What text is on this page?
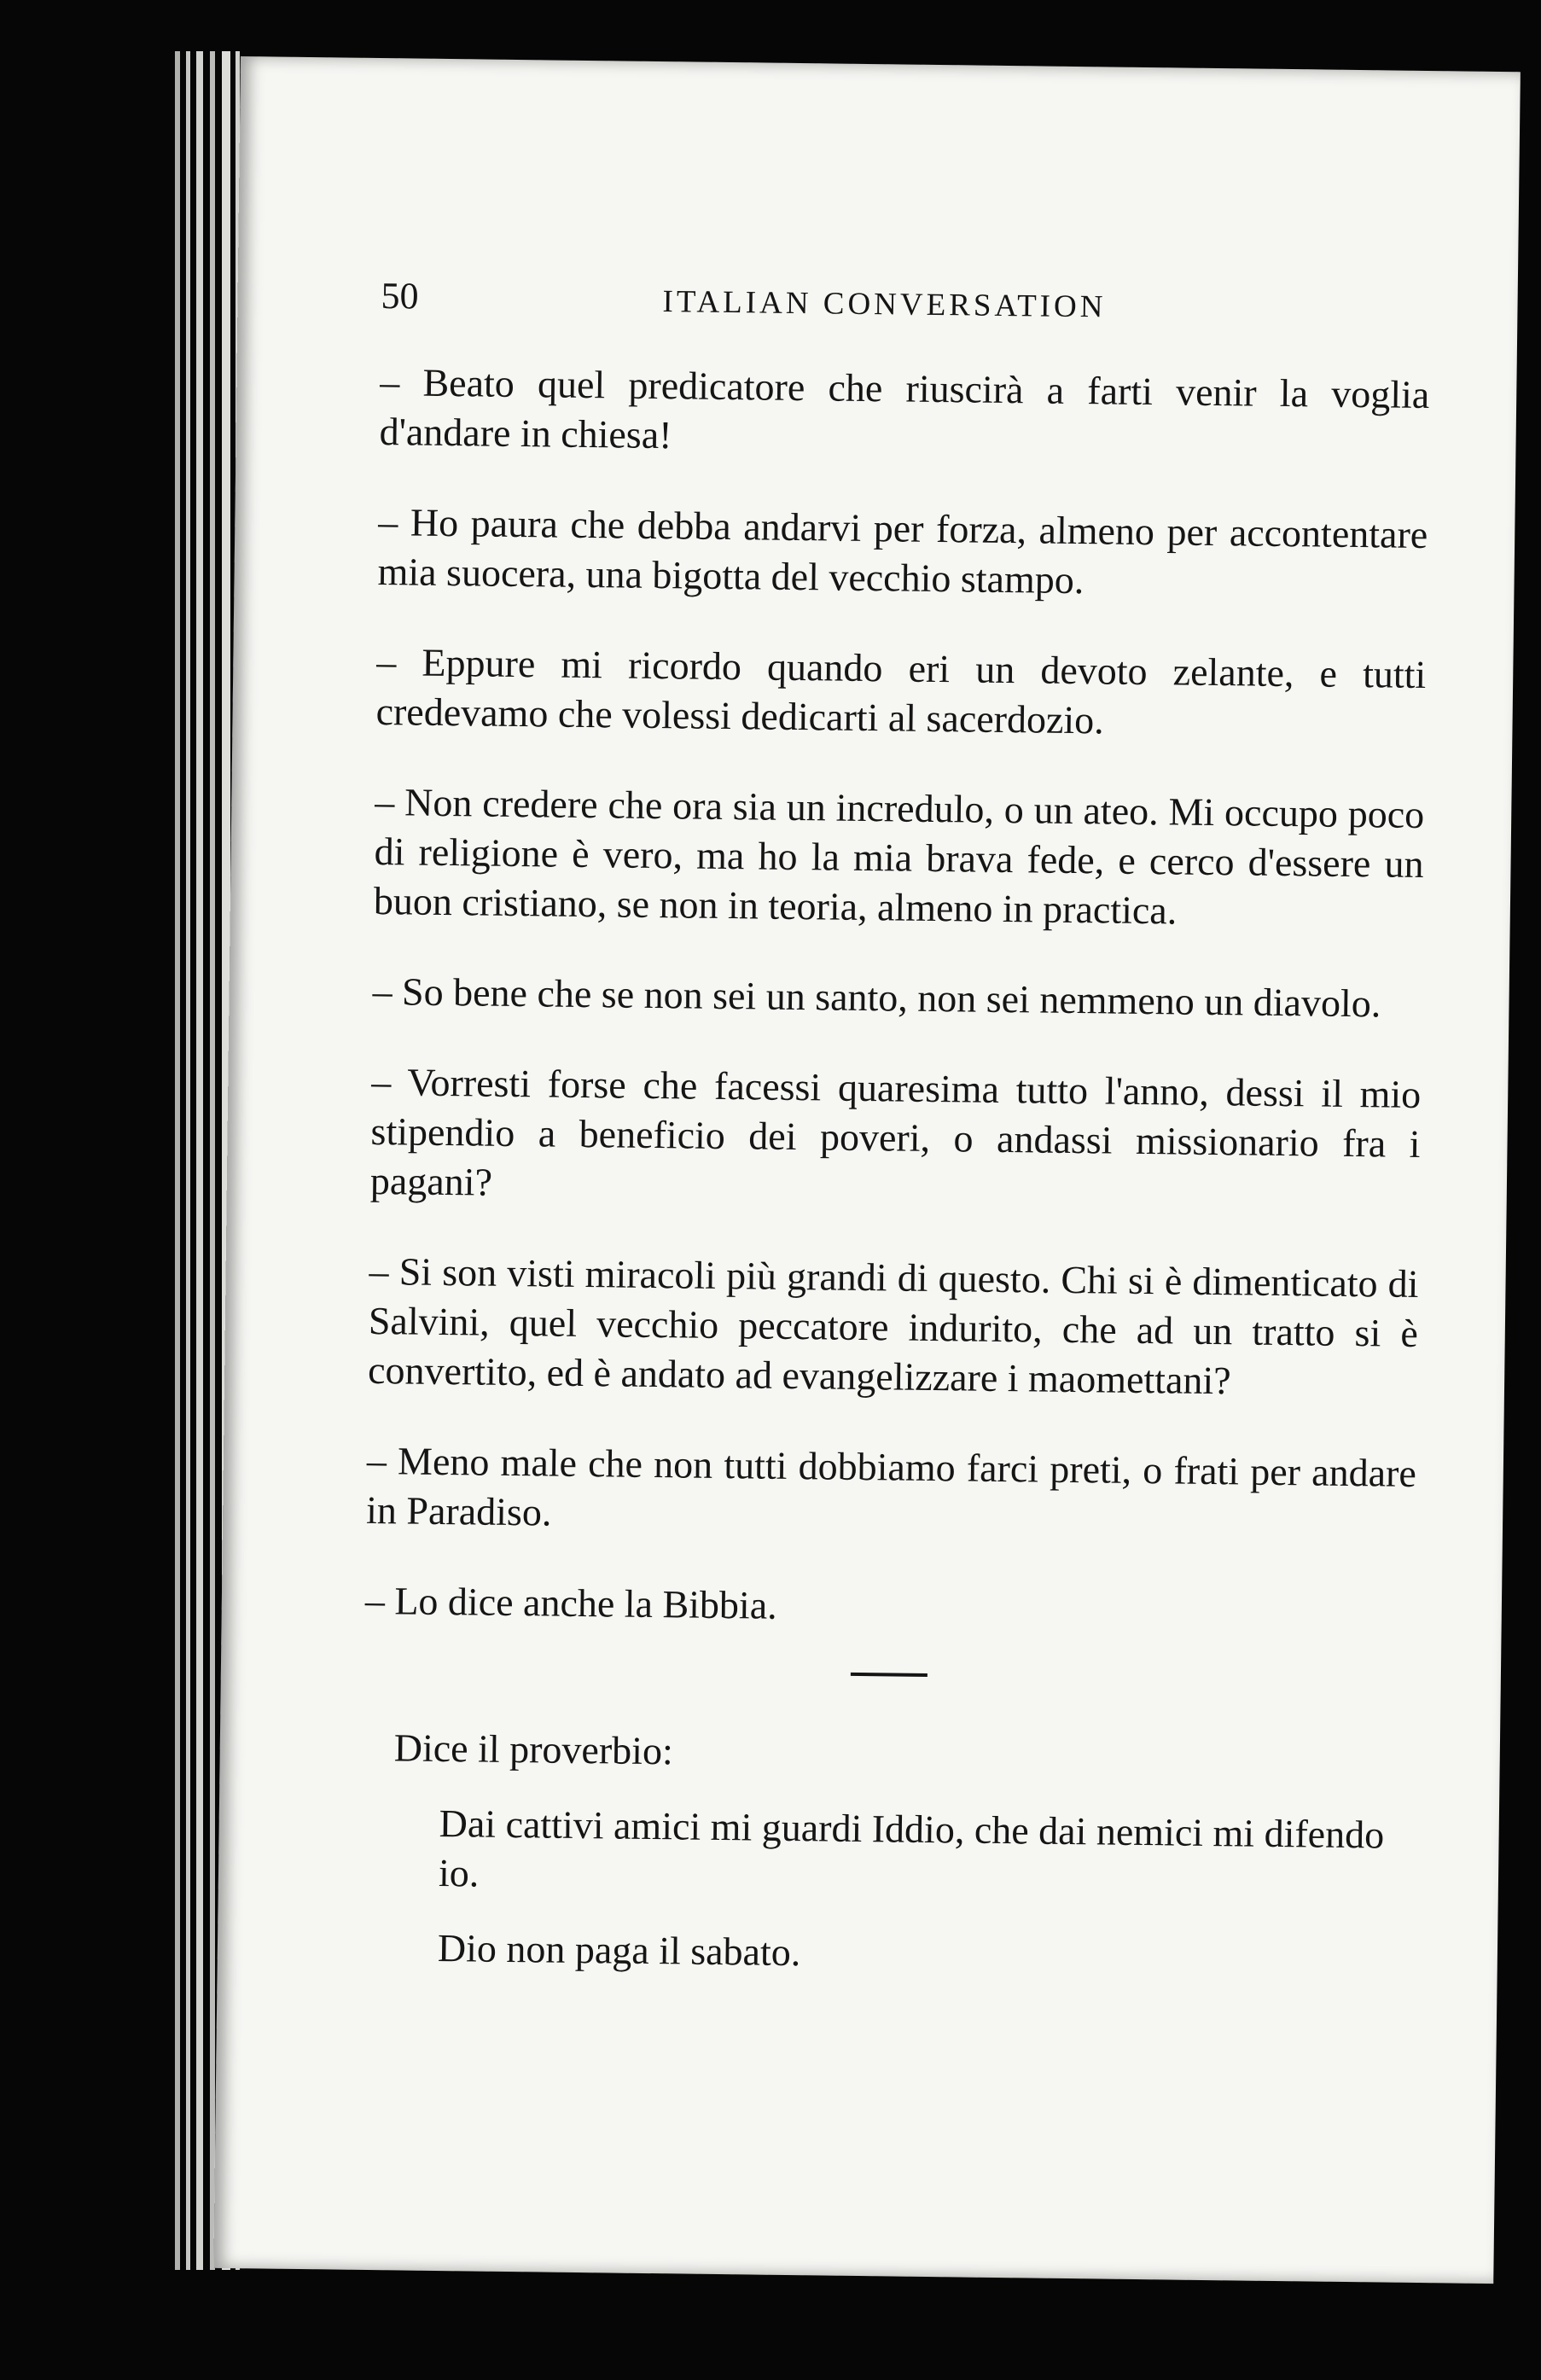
50	ITALIAN CONVERSATION

– Beato quel predicatore che riuscirà a farti venir la voglia d'andare in chiesa!

– Ho paura che debba andarvi per forza, almeno per accontentare mia suocera, una bigotta del vecchio stampo.

– Eppure mi ricordo quando eri un devoto zelante, e tutti credevamo che volessi dedicarti al sacerdozio.

– Non credere che ora sia un incredulo, o un ateo. Mi occupo poco di religione è vero, ma ho la mia brava fede, e cerco d'essere un buon cristiano, se non in teoria, almeno in practica.

– So bene che se non sei un santo, non sei nemmeno un diavolo.

– Vorresti forse che facessi quaresima tutto l'anno, dessi il mio stipendio a beneficio dei poveri, o andassi missionario fra i pagani?

– Si son visti miracoli più grandi di questo. Chi si è dimenticato di Salvini, quel vecchio peccatore indurito, che ad un tratto si è convertito, ed è andato ad evangelizzare i maomettani?

– Meno male che non tutti dobbiamo farci preti, o frati per andare in Paradiso.

– Lo dice anche la Bibbia.

Dice il proverbio:

Dai cattivi amici mi guardi Iddio, che dai nemici mi difendo io.

Dio non paga il sabato.
